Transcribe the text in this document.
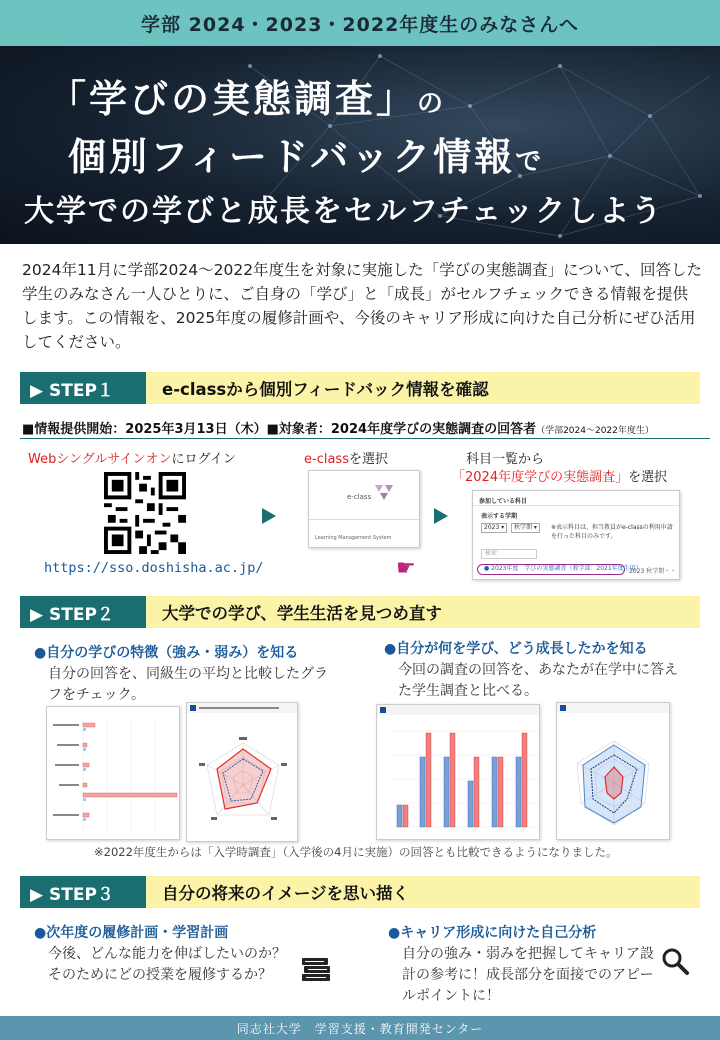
学部 2024・2023・2022年度生のみなさんへ
「学びの実態調査」の
個別フィードバック情報で
大学での学びと成長をセルフチェックしよう
2024年11月に学部2024～2022年度生を対象に実施した「学びの実態調査」について、回答した学生のみなさん一人ひとりに、ご自身の「学び」と「成長」がセルフチェックできる情報を提供します。この情報を、2025年度の履修計画や、今後のキャリア形成に向けた自己分析にぜひ活用してください。
▶ STEP１	e-classから個別フィードバック情報を確認
■情報提供開始：2025年3月13日（木）■対象者：2024年度学びの実態調査の回答者（学部2024～2022年度生）
Webシングルサインオンにログイン
https://sso.doshisha.ac.jp/
e-classを選択
e-class
Learning Management System
☛
科目一覧から
「2024年度学びの実態調査」を選択
参加している科目
表示する学期
2023 ▾	秋学期 ▾	※表示科目は、担当教員がe-classの利用申請を行った科目のみです。
検索
● 2023年度　学びの実態調査（教学部：2021年度生用）
2023 秋学期・・
▶ STEP２	大学での学び、学生生活を見つめ直す
●自分の学びの特徴（強み・弱み）を知る
自分の回答を、同級生の平均と比較したグラフをチェック。
●自分が何を学び、どう成長したかを知る
今回の調査の回答を、あなたが在学中に答えた学生調査と比べる。
※2022年度生からは「入学時調査」（入学後の4月に実施）の回答とも比較できるようになりました。
▶ STEP３	自分の将来のイメージを思い描く
●次年度の履修計画・学習計画
今後、どんな能力を伸ばしたいのか？そのためにどの授業を履修するか？
●キャリア形成に向けた自己分析
自分の強み・弱みを把握してキャリア設計の参考に！成長部分を面接でのアピールポイントに！
同志社大学　学習支援・教育開発センター
